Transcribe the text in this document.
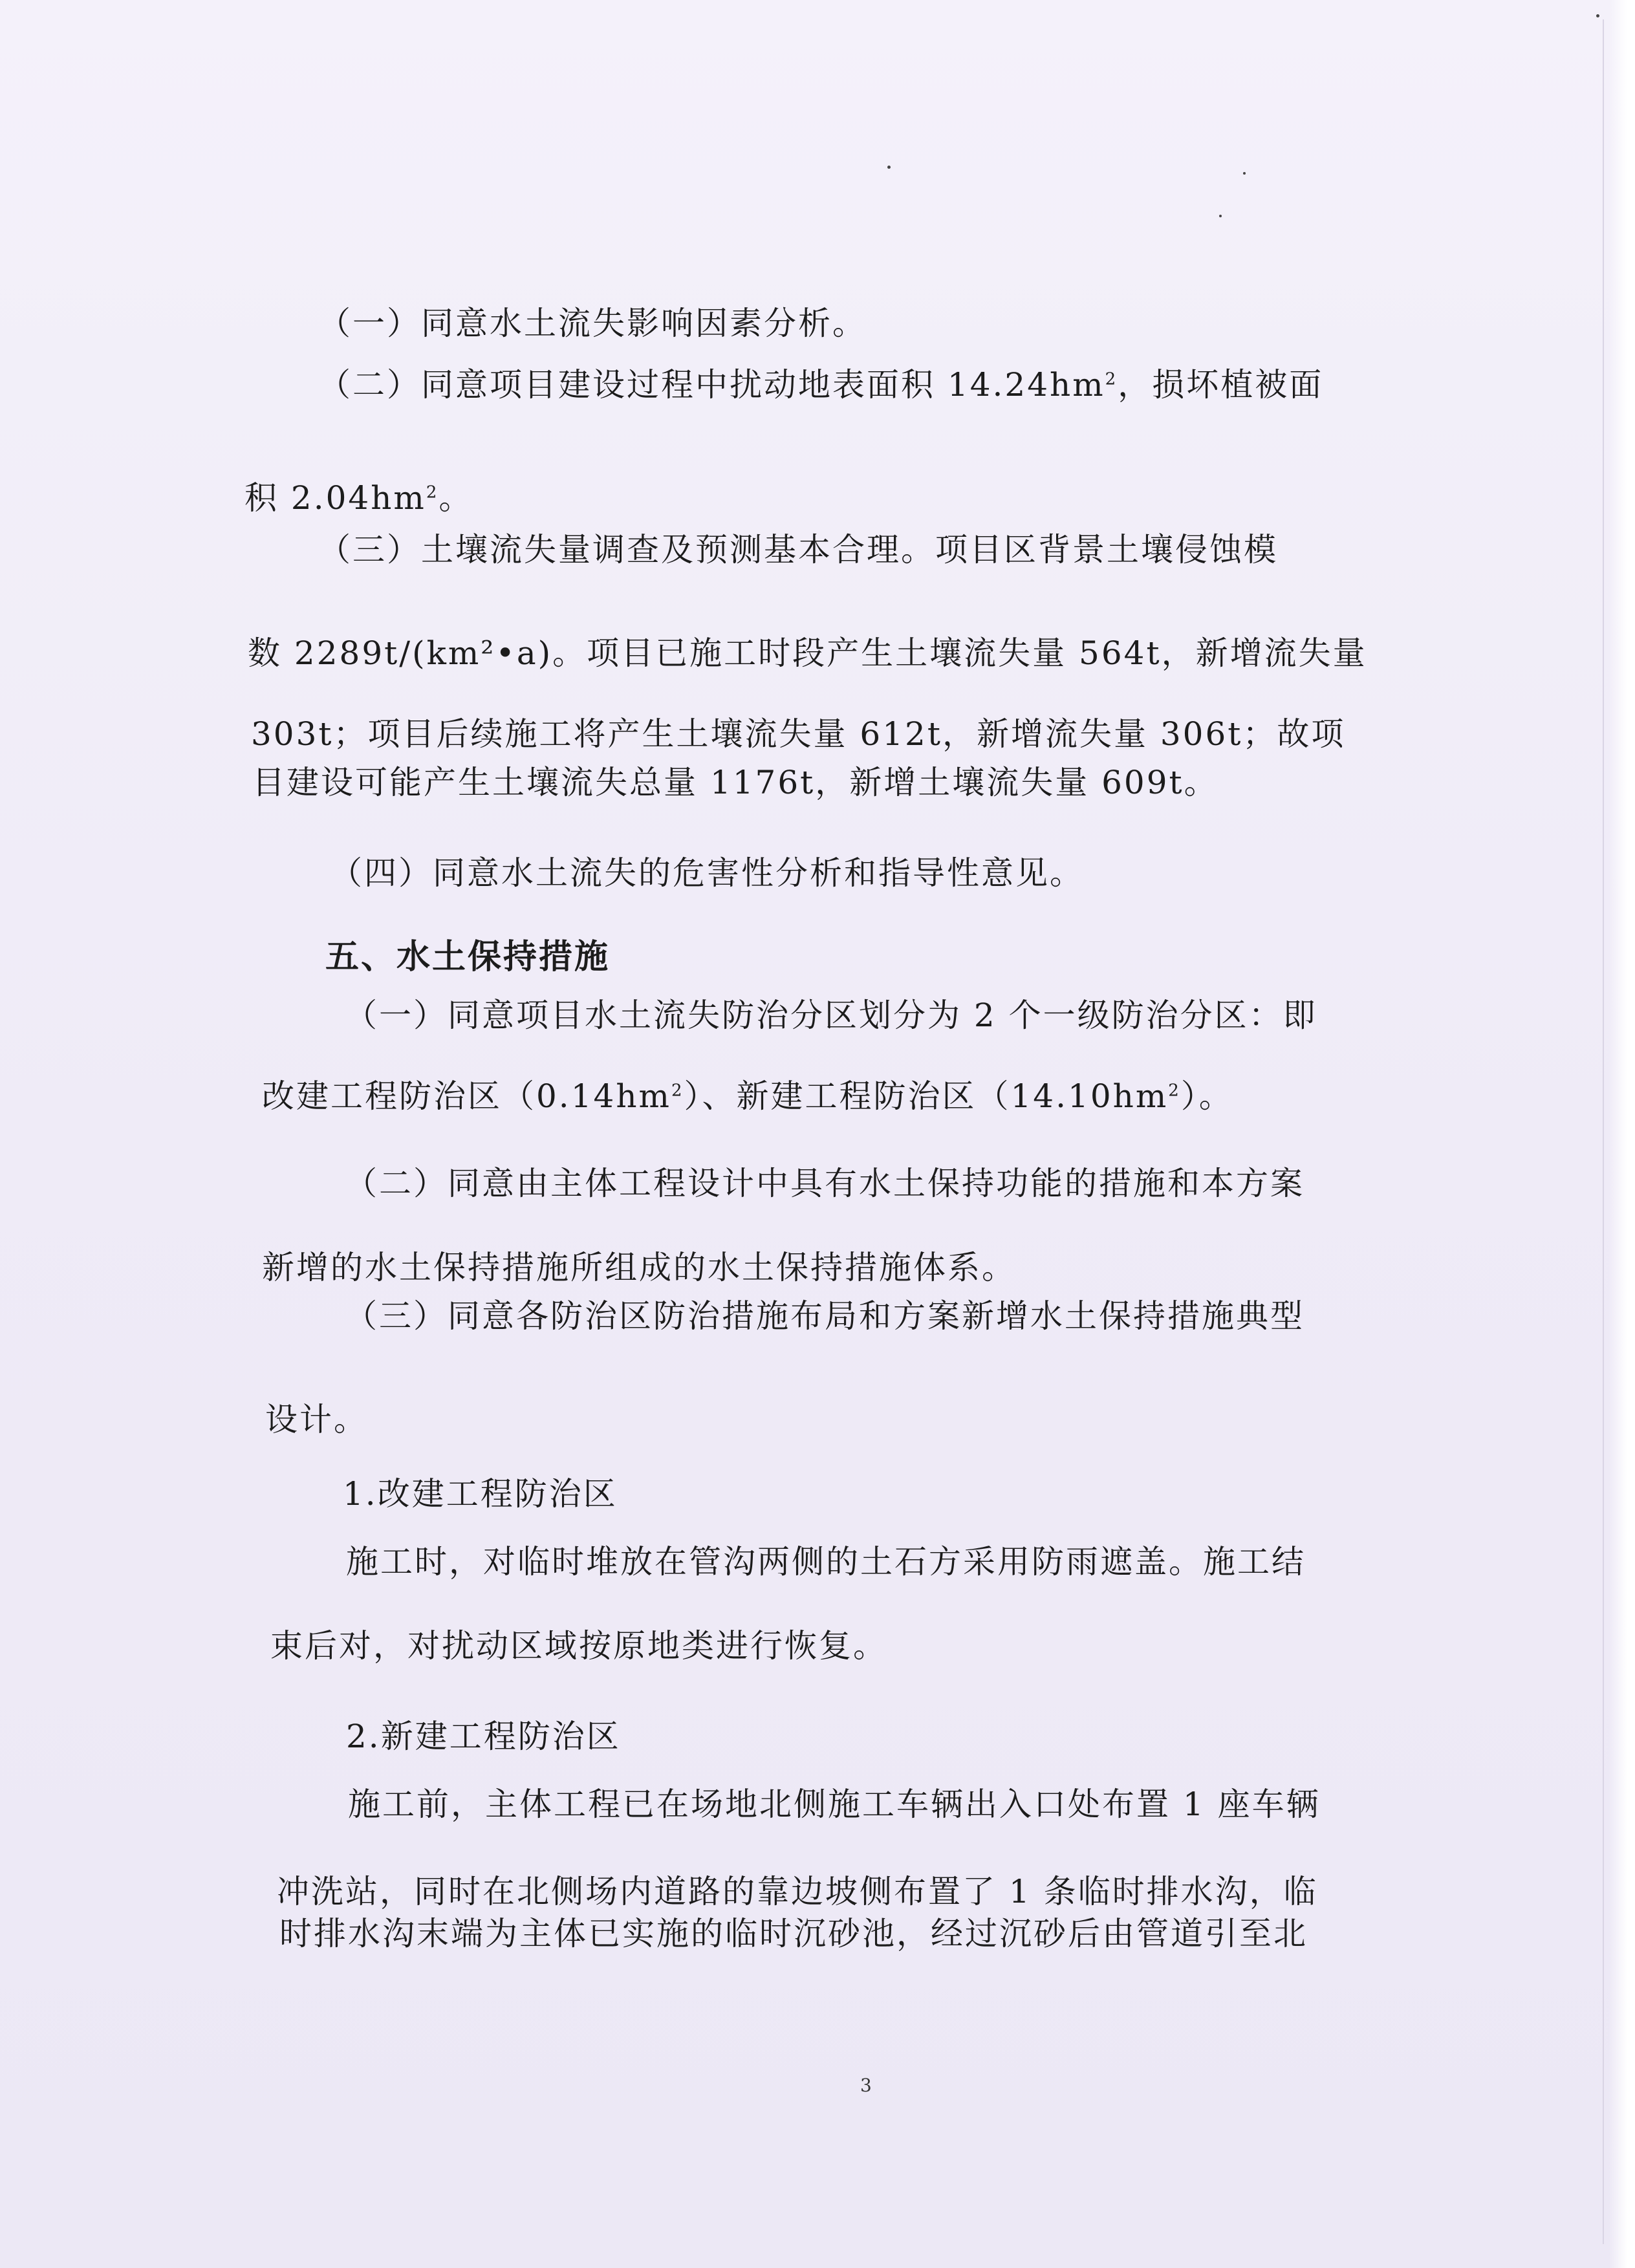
（一）同意水土流失影响因素分析。
（二）同意项目建设过程中扰动地表面积 $14.24hm^2$，损坏植被面
积 $2.04hm^2$。
（三）土壤流失量调查及预测基本合理。项目区背景土壤侵蚀模
数 2289t/(km²•a)。项目已施工时段产生土壤流失量 564t，新增流失量
303t；项目后续施工将产生土壤流失量 612t，新增流失量 306t；故项
目建设可能产生土壤流失总量 1176t，新增土壤流失量 609t。
（四）同意水土流失的危害性分析和指导性意见。
五、水土保持措施
（一）同意项目水土流失防治分区划分为 2 个一级防治分区：即
改建工程防治区$(0.14hm^2)$、新建工程防治区$(14.10hm^2)$。
（二）同意由主体工程设计中具有水土保持功能的措施和本方案
新增的水土保持措施所组成的水土保持措施体系。
（三）同意各防治区防治措施布局和方案新增水土保持措施典型
设计。
1.改建工程防治区
施工时，对临时堆放在管沟两侧的土石方采用防雨遮盖。施工结
束后对，对扰动区域按原地类进行恢复。
2.新建工程防治区
施工前，主体工程已在场地北侧施工车辆出入口处布置 1 座车辆
冲洗站，同时在北侧场内道路的靠边坡侧布置了 1 条临时排水沟，临
时排水沟末端为主体已实施的临时沉砂池，经过沉砂后由管道引至北
3
